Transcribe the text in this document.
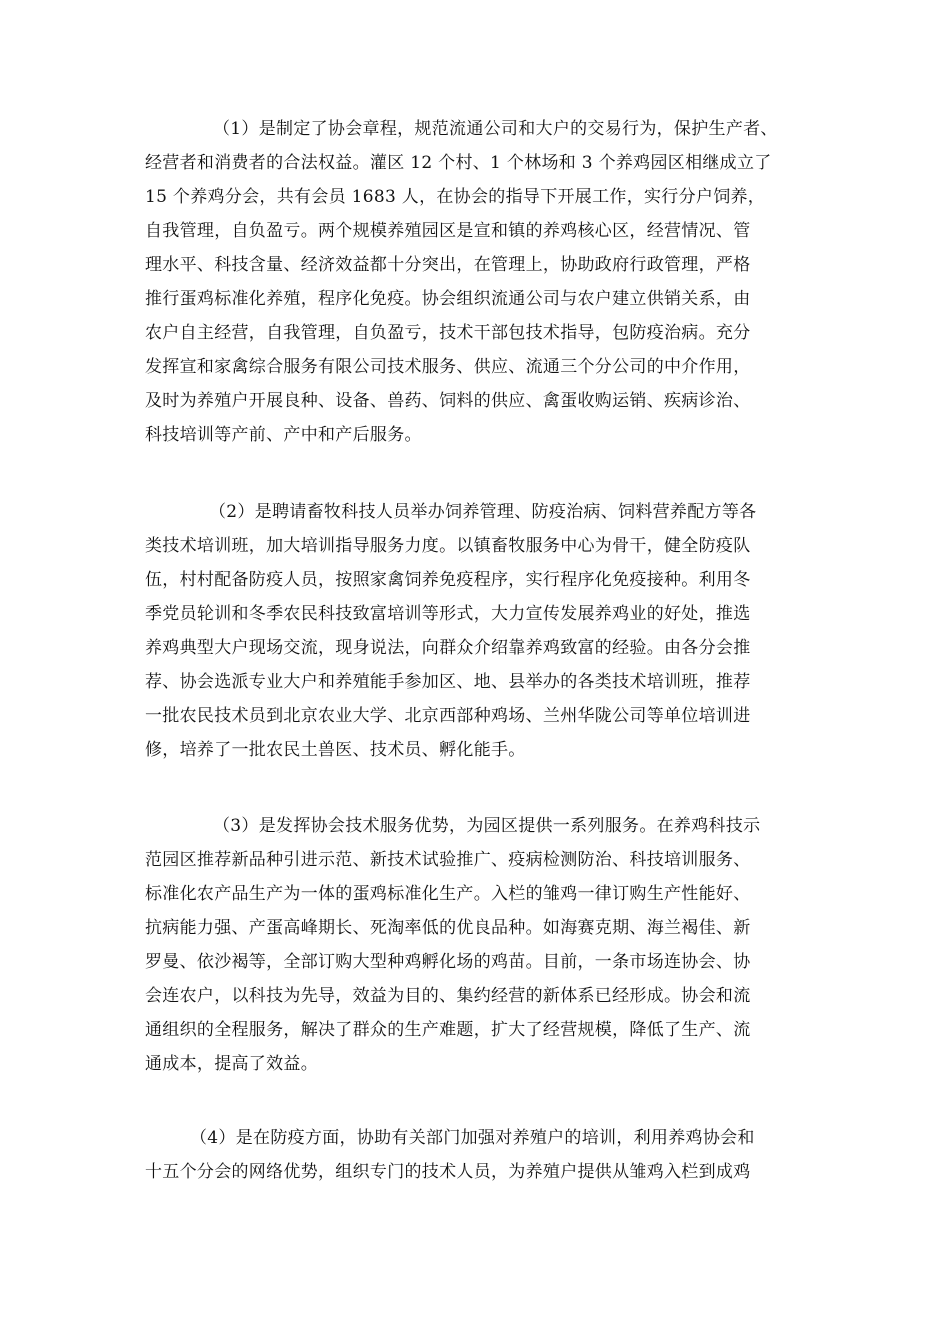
（1）是制定了协会章程，规范流通公司和大户的交易行为，保护生产者、
经营者和消费者的合法权益。灌区 12 个村、1 个林场和 3 个养鸡园区相继成立了
15 个养鸡分会，共有会员 1683 人，在协会的指导下开展工作，实行分户饲养，
自我管理，自负盈亏。两个规模养殖园区是宣和镇的养鸡核心区，经营情况、管
理水平、科技含量、经济效益都十分突出，在管理上，协助政府行政管理，严格
推行蛋鸡标准化养殖，程序化免疫。协会组织流通公司与农户建立供销关系，由
农户自主经营，自我管理，自负盈亏，技术干部包技术指导，包防疫治病。充分
发挥宣和家禽综合服务有限公司技术服务、供应、流通三个分公司的中介作用，
及时为养殖户开展良种、设备、兽药、饲料的供应、禽蛋收购运销、疾病诊治、
科技培训等产前、产中和产后服务。
（2）是聘请畜牧科技人员举办饲养管理、防疫治病、饲料营养配方等各
类技术培训班，加大培训指导服务力度。以镇畜牧服务中心为骨干，健全防疫队
伍，村村配备防疫人员，按照家禽饲养免疫程序，实行程序化免疫接种。利用冬
季党员轮训和冬季农民科技致富培训等形式，大力宣传发展养鸡业的好处，推选
养鸡典型大户现场交流，现身说法，向群众介绍靠养鸡致富的经验。由各分会推
荐、协会选派专业大户和养殖能手参加区、地、县举办的各类技术培训班，推荐
一批农民技术员到北京农业大学、北京西部种鸡场、兰州华陇公司等单位培训进
修，培养了一批农民土兽医、技术员、孵化能手。
（3）是发挥协会技术服务优势，为园区提供一系列服务。在养鸡科技示
范园区推荐新品种引进示范、新技术试验推广、疫病检测防治、科技培训服务、
标准化农产品生产为一体的蛋鸡标准化生产。入栏的雏鸡一律订购生产性能好、
抗病能力强、产蛋高峰期长、死淘率低的优良品种。如海赛克期、海兰褐佳、新
罗曼、依沙褐等，全部订购大型种鸡孵化场的鸡苗。目前，一条市场连协会、协
会连农户，以科技为先导，效益为目的、集约经营的新体系已经形成。协会和流
通组织的全程服务，解决了群众的生产难题，扩大了经营规模，降低了生产、流
通成本，提高了效益。
（4）是在防疫方面，协助有关部门加强对养殖户的培训，利用养鸡协会和
十五个分会的网络优势，组织专门的技术人员，为养殖户提供从雏鸡入栏到成鸡
